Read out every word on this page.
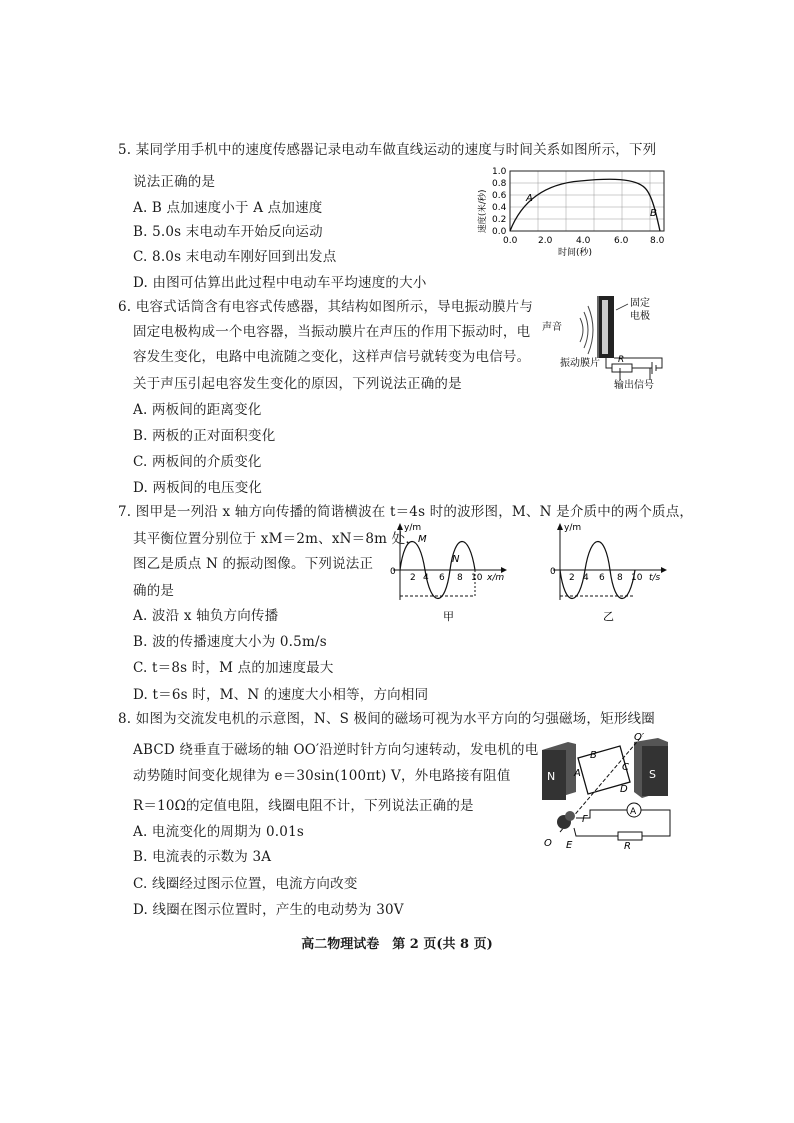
5. 某同学用手机中的速度传感器记录电动车做直线运动的速度与时间关系如图所示，下列
说法正确的是
A. B 点加速度小于 A 点加速度
B. 5.0s 末电动车开始反向运动
C. 8.0s 末电动车刚好回到出发点
D. 由图可估算出此过程中电动车平均速度的大小
A
B
1.0
0.8
0.6
0.4
0.2
0.0
0.0 2.0	4.0	6.0 8.0
时间(秒)
速度(米/秒)
6. 电容式话筒含有电容式传感器，其结构如图所示，导电振动膜片与
固定电极构成一个电容器，当振动膜片在声压的作用下振动时，电
容发生变化，电路中电流随之变化，这样声信号就转变为电信号。
关于声压引起电容发生变化的原因，下列说法正确的是
A. 两板间的距离变化
B. 两板的正对面积变化
C. 两板间的介质变化
D. 两板间的电压变化
固定
电极
声音
R
振动膜片
输出信号
7. 图甲是一列沿 x 轴方向传播的简谐横波在 t＝4s 时的波形图，M、N 是介质中的两个质点，
其平衡位置分别位于 xM＝2m、xN＝8m 处，
图乙是质点 N 的振动图像。下列说法正
确的是
A. 波沿 x 轴负方向传播
B. 波的传播速度大小为 0.5m/s
C. t＝8s 时，M 点的加速度最大
D. t＝6s 时，M、N 的速度大小相等，方向相同
y/m
0
M
N
2 4 6 8 10 x/m
甲
y/m
0
2 4 6 8 10 t/s
乙
8. 如图为交流发电机的示意图，N、S 极间的磁场可视为水平方向的匀强磁场，矩形线圈
ABCD 绕垂直于磁场的轴 OO′沿逆时针方向匀速转动，发电机的电
动势随时间变化规律为 e＝30sin(100πt) V，外电路接有阻值
R＝10Ω的定值电阻，线圈电阻不计，下列说法正确的是
A. 电流变化的周期为 0.01s
B. 电流表的示数为 3A
C. 线圈经过图示位置，电流方向改变
D. 线圈在图示位置时，产生的电动势为 30V
N	S
O′
A
B
C
D
O E
F
A
R
高二物理试卷　第 2 页(共 8 页)
